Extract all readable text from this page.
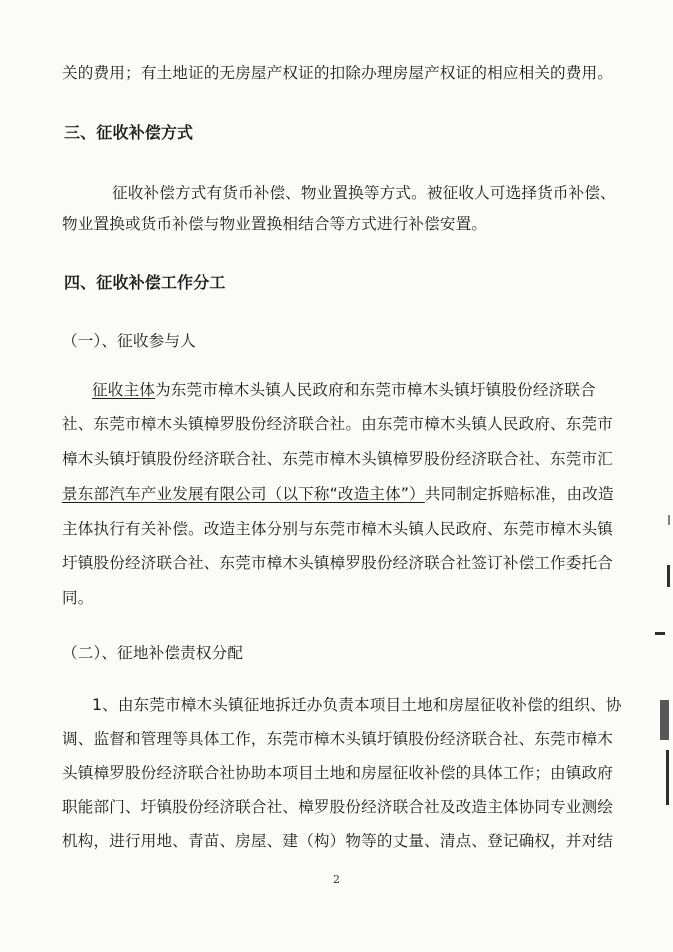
关的费用；有土地证的无房屋产权证的扣除办理房屋产权证的相应相关的费用。
三、征收补偿方式
征收补偿方式有货币补偿、物业置换等方式。被征收人可选择货币补偿、
物业置换或货币补偿与物业置换相结合等方式进行补偿安置。
四、征收补偿工作分工
（一）、征收参与人
征收主体为东莞市樟木头镇人民政府和东莞市樟木头镇圩镇股份经济联合
社、东莞市樟木头镇樟罗股份经济联合社。由东莞市樟木头镇人民政府、东莞市
樟木头镇圩镇股份经济联合社、东莞市樟木头镇樟罗股份经济联合社、东莞市汇
景东部汽车产业发展有限公司（以下称“改造主体”）共同制定拆赔标准，由改造
主体执行有关补偿。改造主体分别与东莞市樟木头镇人民政府、东莞市樟木头镇
圩镇股份经济联合社、东莞市樟木头镇樟罗股份经济联合社签订补偿工作委托合
同。
（二）、征地补偿责权分配
1、由东莞市樟木头镇征地拆迁办负责本项目土地和房屋征收补偿的组织、协
调、监督和管理等具体工作，东莞市樟木头镇圩镇股份经济联合社、东莞市樟木
头镇樟罗股份经济联合社协助本项目土地和房屋征收补偿的具体工作；由镇政府
职能部门、圩镇股份经济联合社、樟罗股份经济联合社及改造主体协同专业测绘
机构，进行用地、青苗、房屋、建（构）物等的丈量、清点、登记确权，并对结
2
